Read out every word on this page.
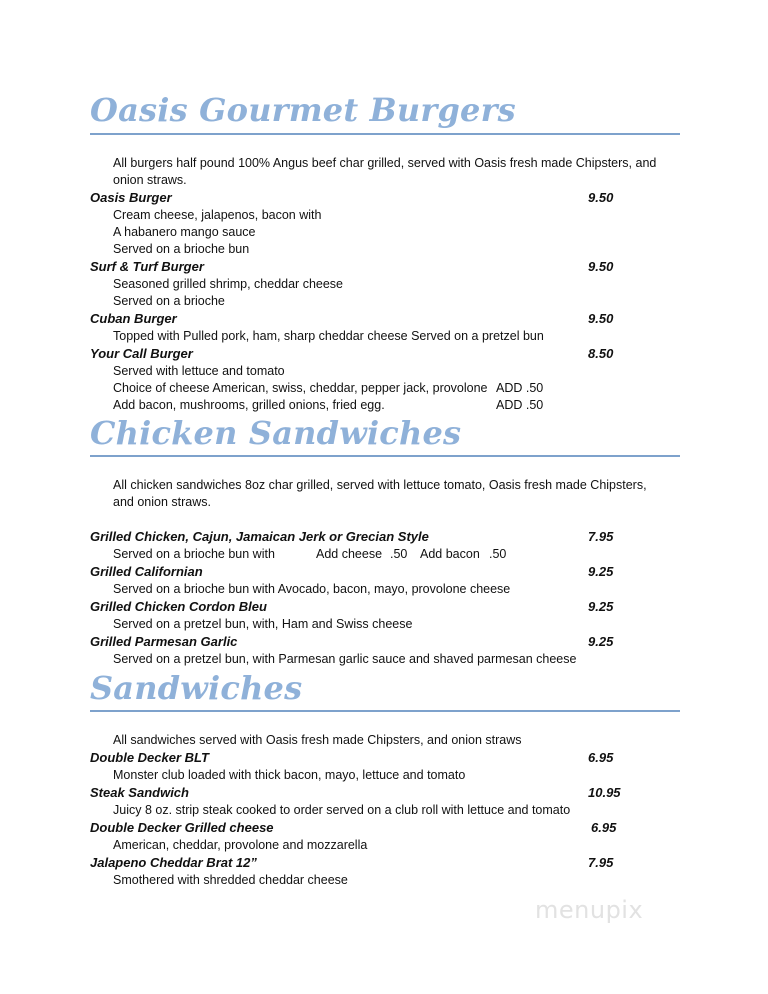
Oasis Gourmet Burgers
All burgers half pound 100% Angus beef char grilled, served with Oasis fresh made Chipsters, and
onion straws.
Oasis Burger	9.50
Cream cheese, jalapenos, bacon with
A habanero mango sauce
Served on a brioche bun
Surf & Turf Burger	9.50
Seasoned grilled shrimp, cheddar cheese
Served on a brioche
Cuban Burger	9.50
Topped with Pulled pork, ham, sharp cheddar cheese Served on a pretzel bun
Your Call Burger	8.50
Served with lettuce and tomato
Choice of cheese American, swiss, cheddar, pepper jack, provolone ADD .50
Add bacon, mushrooms, grilled onions, fried egg.	ADD .50
Chicken Sandwiches
All chicken sandwiches 8oz char grilled, served with lettuce tomato, Oasis fresh made Chipsters,
and onion straws.
Grilled Chicken, Cajun, Jamaican Jerk or Grecian Style	7.95
Served on a brioche bun with	Add cheese .50 Add bacon .50
Grilled Californian	9.25
Served on a brioche bun with Avocado, bacon, mayo, provolone cheese
Grilled Chicken Cordon Bleu	9.25
Served on a pretzel bun, with, Ham and Swiss cheese
Grilled Parmesan Garlic	9.25
Served on a pretzel bun, with Parmesan garlic sauce and shaved parmesan cheese
Sandwiches
All sandwiches served with Oasis fresh made Chipsters, and onion straws
Double Decker BLT	6.95
Monster club loaded with thick bacon, mayo, lettuce and tomato
Steak Sandwich	10.95
Juicy 8 oz. strip steak cooked to order served on a club roll with lettuce and tomato
Double Decker Grilled cheese	6.95
American, cheddar, provolone and mozzarella
Jalapeno Cheddar Brat 12”	7.95
Smothered with shredded cheddar cheese
menupix
